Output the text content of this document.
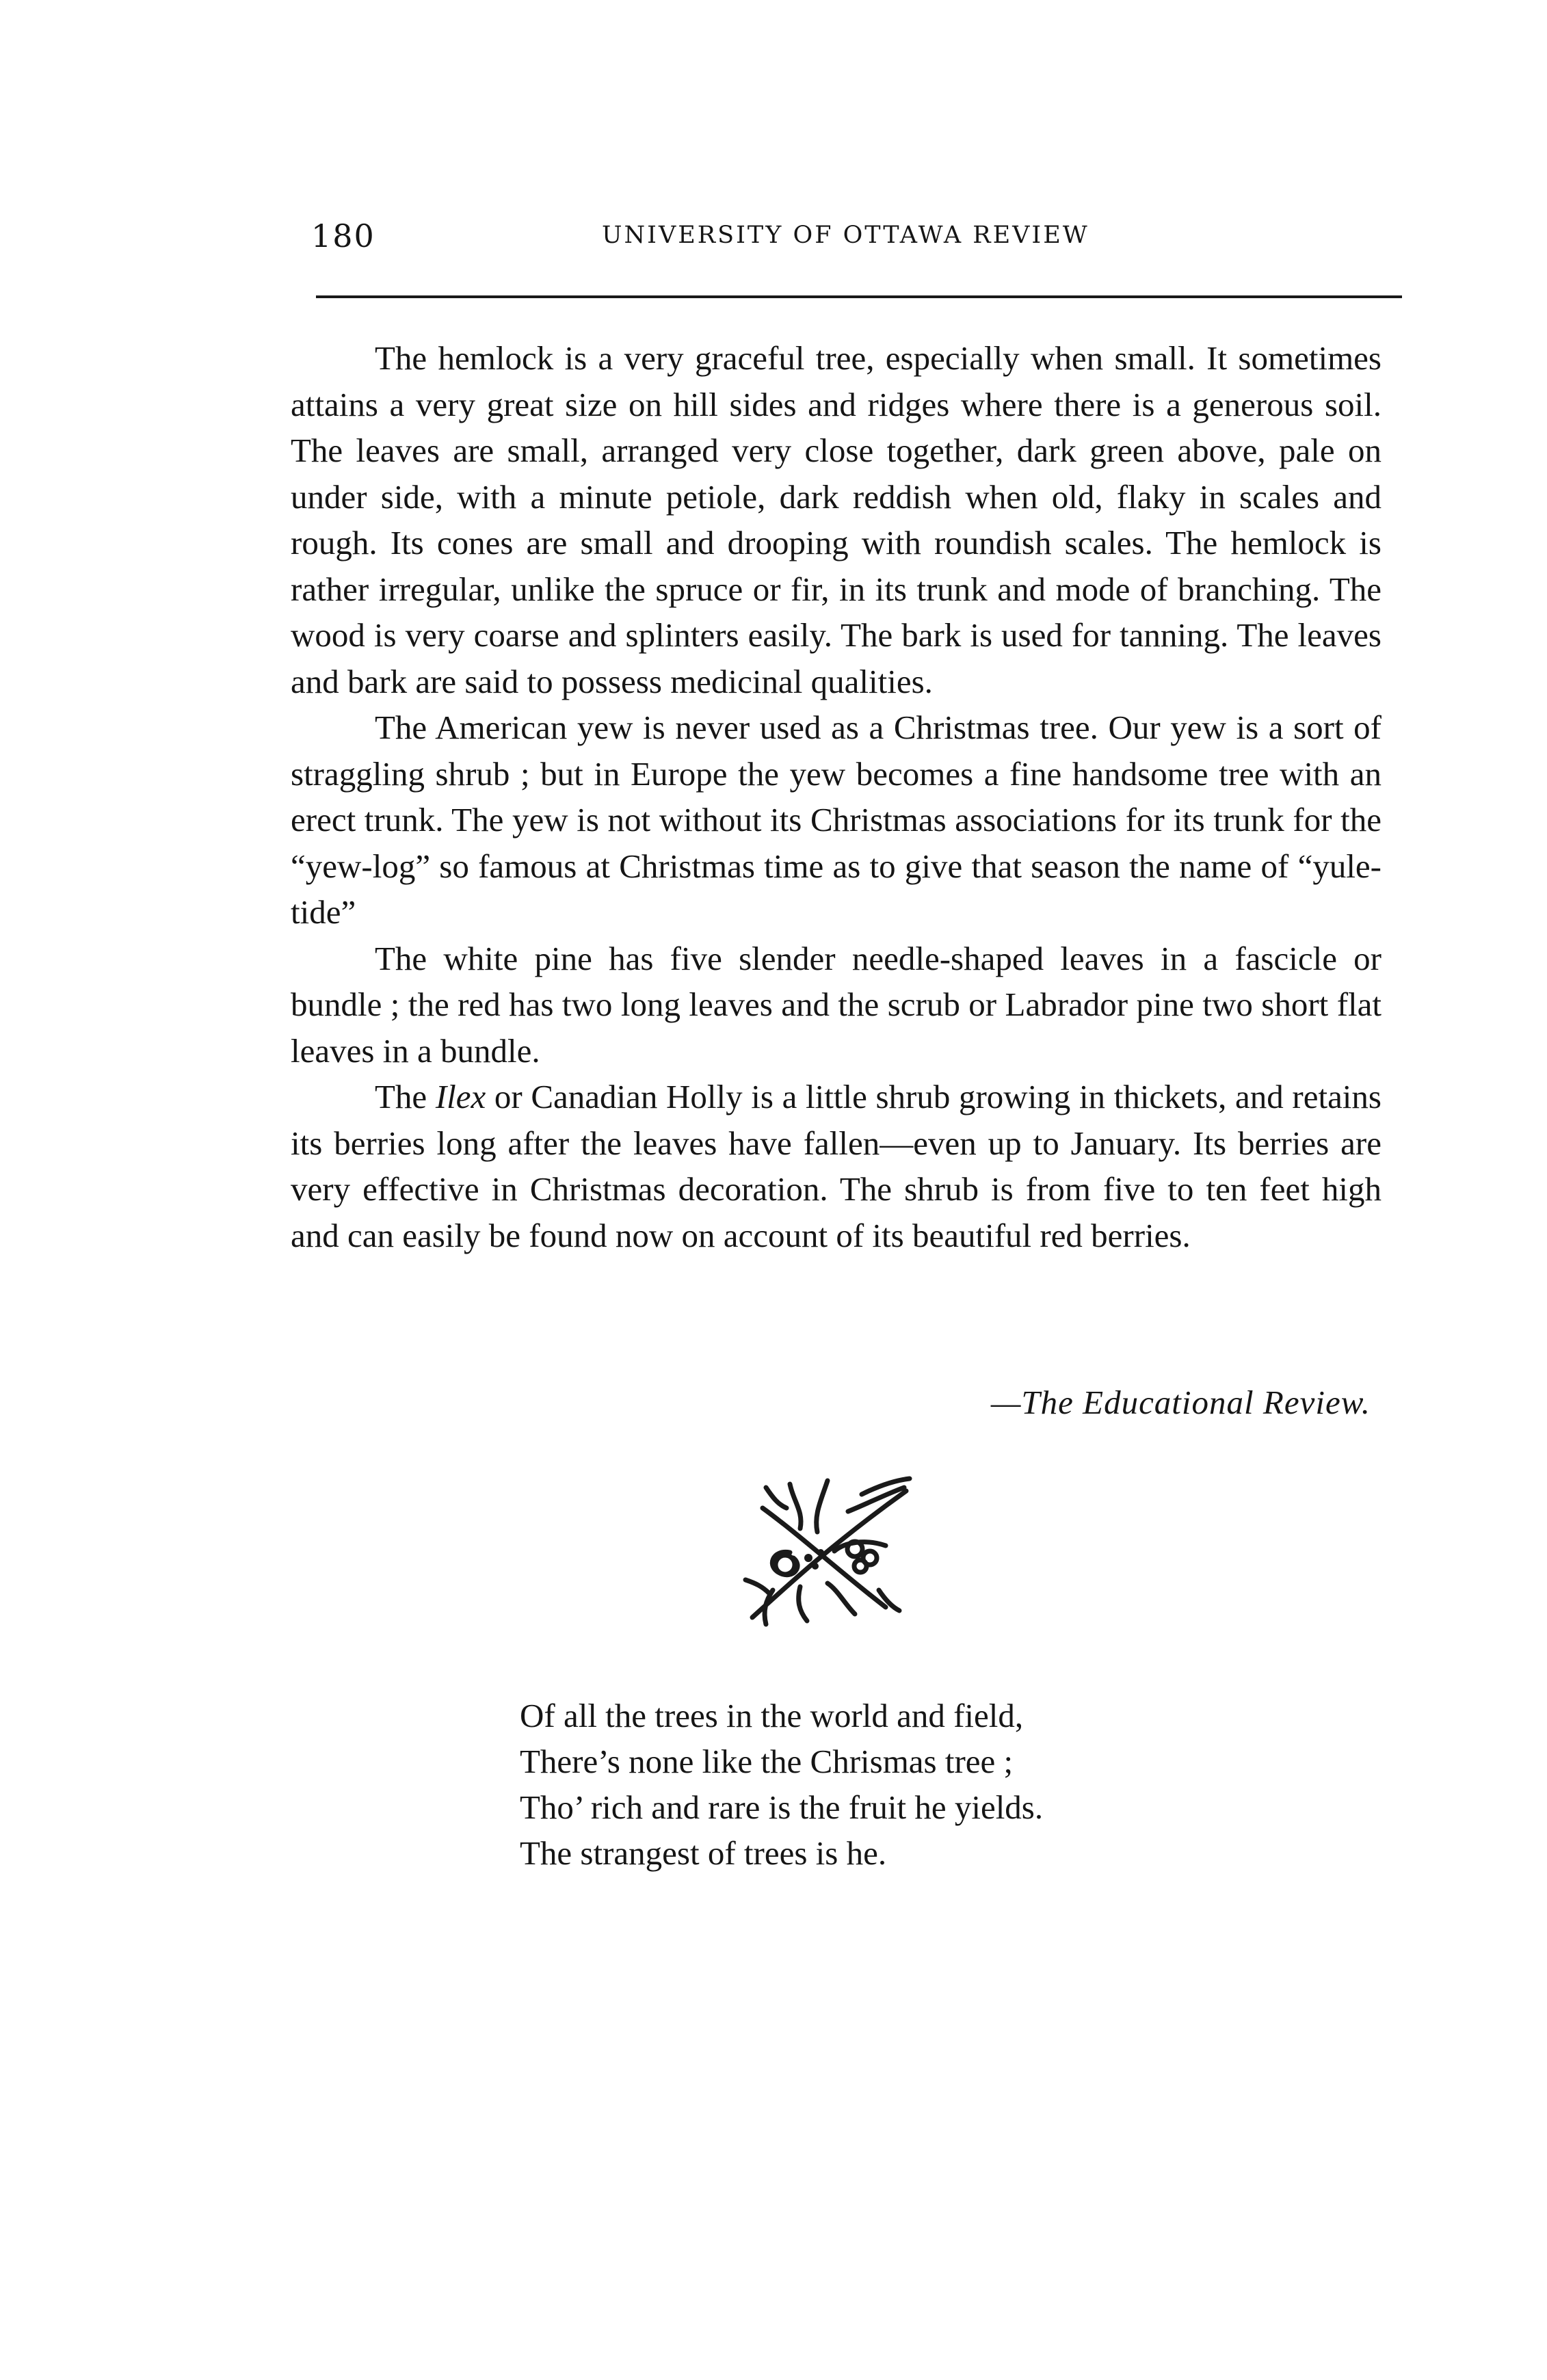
180	UNIVERSITY OF OTTAWA REVIEW

The hemlock is a very graceful tree, especially when small. It sometimes attains a very great size on hill sides and ridges where there is a generous soil. The leaves are small, arranged very close together, dark green above, pale on under side, with a minute petiole, dark reddish when old, flaky in scales and rough. Its cones are small and drooping with roundish scales. The hemlock is rather irregular, unlike the spruce or fir, in its trunk and mode of branching. The wood is very coarse and splinters easily. The bark is used for tanning. The leaves and bark are said to possess medicinal qualities.

The American yew is never used as a Christmas tree. Our yew is a sort of straggling shrub ; but in Europe the yew becomes a fine handsome tree with an erect trunk. The yew is not without its Christmas associations for its trunk for the “yew-log” so famous at Christmas time as to give that season the name of “yule-tide”

The white pine has five slender needle-shaped leaves in a fascicle or bundle ; the red has two long leaves and the scrub or Labrador pine two short flat leaves in a bundle.

The Ilex or Canadian Holly is a little shrub growing in thickets, and retains its berries long after the leaves have fallen—even up to January. Its berries are very effective in Christmas decoration. The shrub is from five to ten feet high and can easily be found now on account of its beautiful red berries.

—The Educational Review.
Of all the trees in the world and field,
There’s none like the Chrismas tree ;
Tho’ rich and rare is the fruit he yields.
The strangest of trees is he.
